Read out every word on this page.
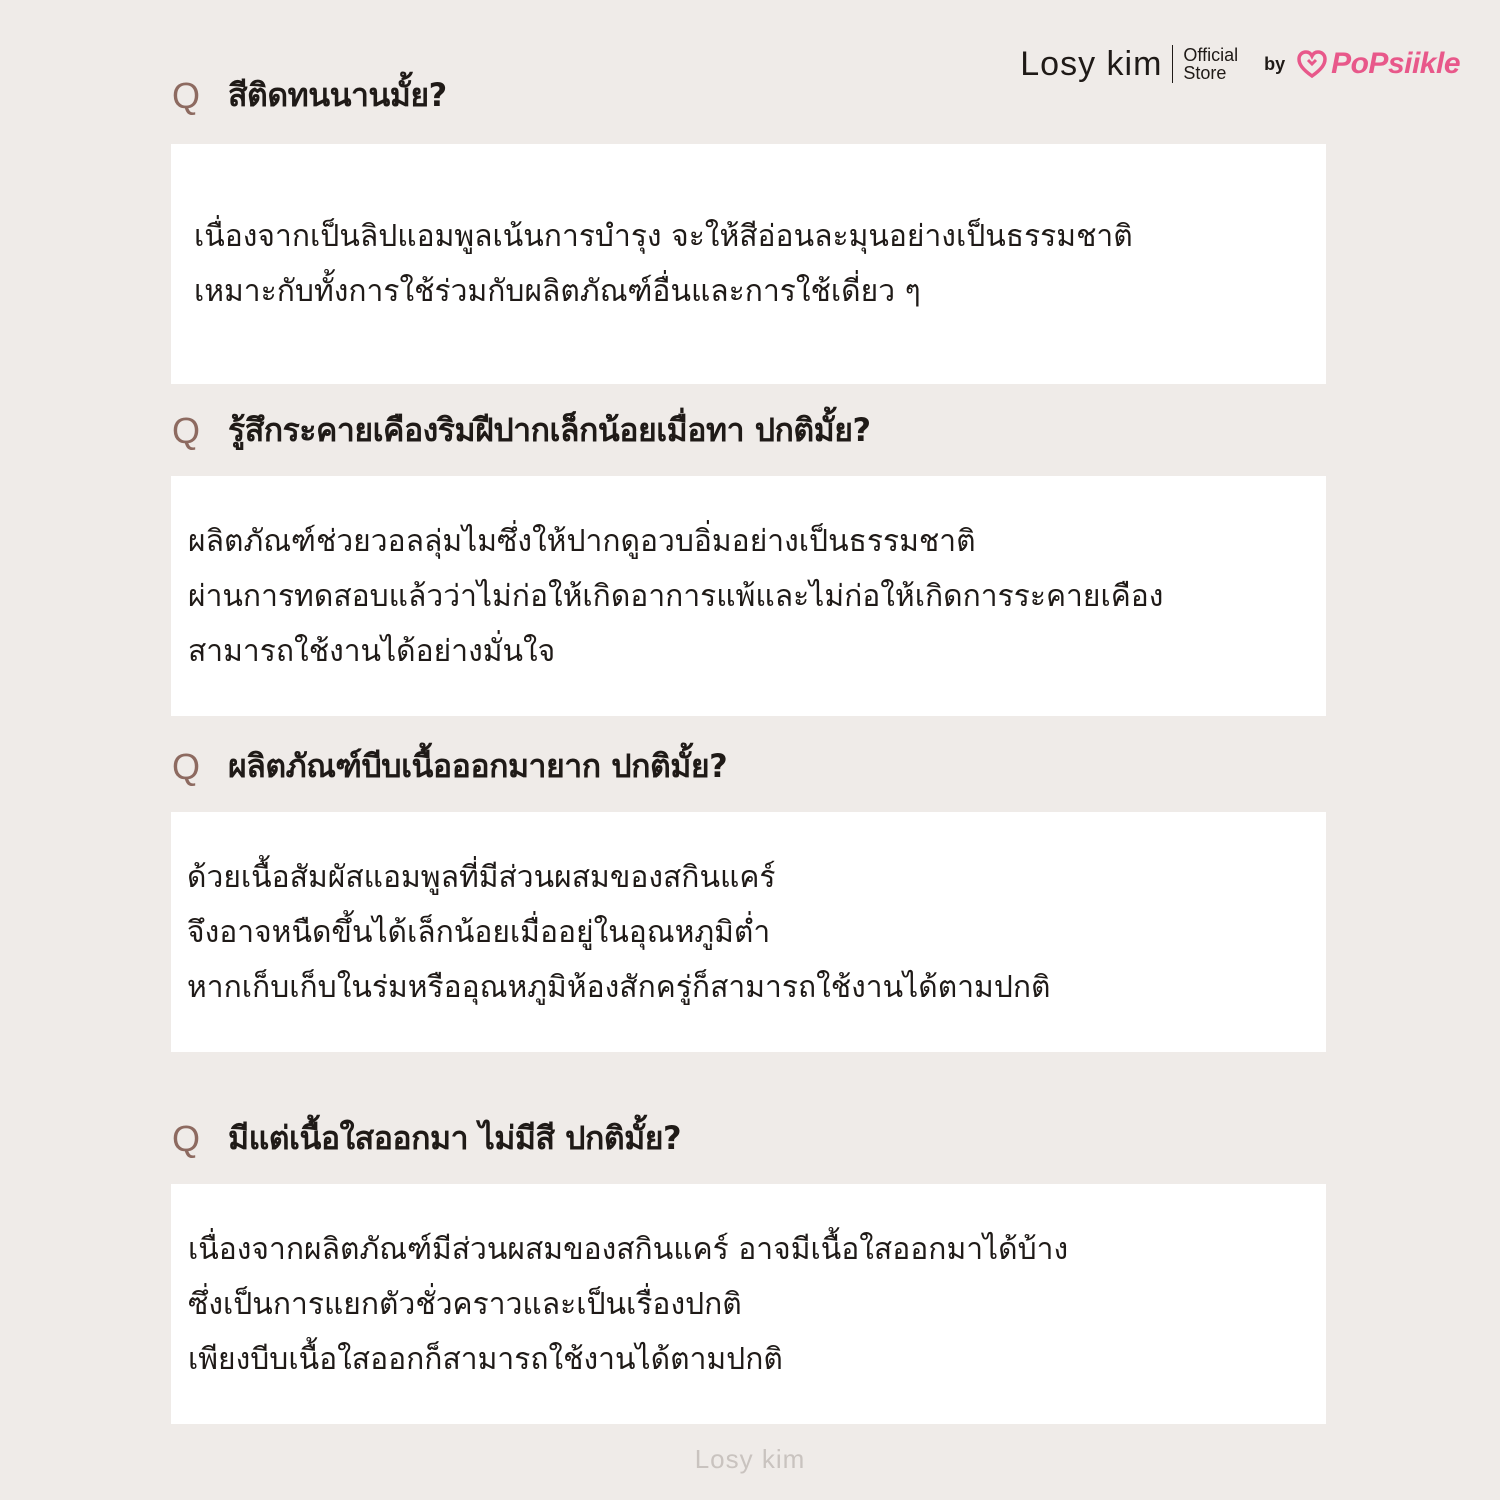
Losy kim Official
Store	by PoPsiikle
Q สีติดทนนานมั้ย?
เนื่องจากเป็นลิปแอมพูลเน้นการบำรุง จะให้สีอ่อนละมุนอย่างเป็นธรรมชาติ
เหมาะกับทั้งการใช้ร่วมกับผลิตภัณฑ์อื่นและการใช้เดี่ยว ๆ
Q รู้สึกระคายเคืองริมฝีปากเล็กน้อยเมื่อทา ปกติมั้ย?
ผลิตภัณฑ์ช่วยวอลลุ่มไมซึ่งให้ปากดูอวบอิ่มอย่างเป็นธรรมชาติ
ผ่านการทดสอบแล้วว่าไม่ก่อให้เกิดอาการแพ้และไม่ก่อให้เกิดการระคายเคือง
สามารถใช้งานได้อย่างมั่นใจ
Q ผลิตภัณฑ์บีบเนื้อออกมายาก ปกติมั้ย?
ด้วยเนื้อสัมผัสแอมพูลที่มีส่วนผสมของสกินแคร์
จึงอาจหนืดขึ้นได้เล็กน้อยเมื่ออยู่ในอุณหภูมิต่ำ
หากเก็บเก็บในร่มหรืออุณหภูมิห้องสักครู่ก็สามารถใช้งานได้ตามปกติ
Q มีแต่เนื้อใสออกมา ไม่มีสี ปกติมั้ย?
เนื่องจากผลิตภัณฑ์มีส่วนผสมของสกินแคร์ อาจมีเนื้อใสออกมาได้บ้าง
ซึ่งเป็นการแยกตัวชั่วคราวและเป็นเรื่องปกติ
เพียงบีบเนื้อใสออกก็สามารถใช้งานได้ตามปกติ
Losy kim
